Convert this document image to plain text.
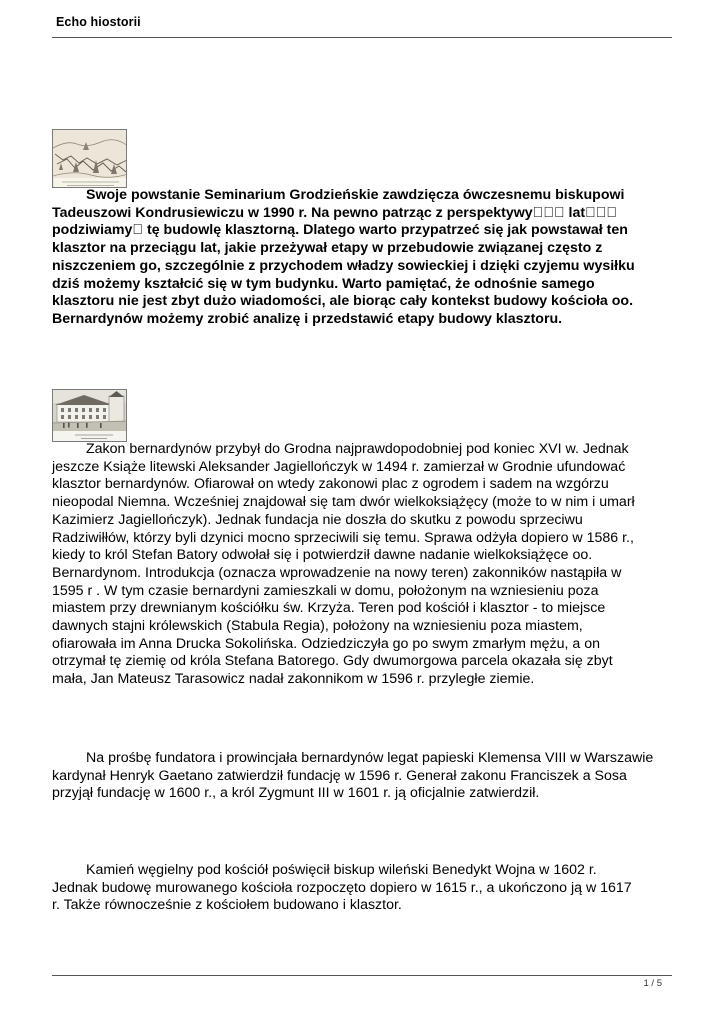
Echo hiostorii
Swoje powstanie Seminarium Grodzieńskie zawdzięcza ówczesnemu biskupowi
Tadeuszowi Kondrusiewiczu w 1990 r. Na pewno patrząc z perspektywy    lat   
podziwiamy  tę budowlę klasztorną. Dlatego warto przypatrzeć się jak powstawał ten
klasztor na przeciągu lat, jakie przeżywał etapy w przebudowie związanej często z
niszczeniem go, szczególnie z przychodem władzy sowieckiej i dzięki czyjemu wysiłku
dziś możemy kształcić się w tym budynku. Warto pamiętać, że odnośnie samego
klasztoru nie jest zbyt dużo wiadomości, ale biorąc cały kontekst budowy kościoła oo.
Bernardynów możemy zrobić analizę i przedstawić etapy budowy klasztoru.
Zakon bernardynów przybył do Grodna najprawdopodobniej pod koniec XVI w. Jednak
jeszcze Książe litewski Aleksander Jagiellończyk w 1494 r. zamierzał w Grodnie ufundować
klasztor bernardynów. Ofiarował on wtedy zakonowi plac z ogrodem i sadem na wzgórzu
nieopodal Niemna. Wcześniej znajdował się tam dwór wielkoksiążęcy (może to w nim i umarł
Kazimierz Jagiellończyk). Jednak fundacja nie doszła do skutku z powodu sprzeciwu
Radziwiłłów, którzy byli dzynici mocno sprzeciwili się temu. Sprawa odżyła dopiero w 1586 r.,
kiedy to król Stefan Batory odwołał się i potwierdził dawne nadanie wielkoksiążęce oo.
Bernardynom. Introdukcja (oznacza wprowadzenie na nowy teren) zakonników nastąpiła w
1595 r . W tym czasie bernardyni zamieszkali w domu, położonym na wzniesieniu poza
miastem przy drewnianym kościółku św. Krzyża. Teren pod kościół i klasztor - to miejsce
dawnych stajni królewskich (Stabula Regia), położony na wzniesieniu poza miastem,
ofiarowała im Anna Drucka Sokolińska. Odziedziczyła go po swym zmarłym mężu, a on
otrzymał tę ziemię od króla Stefana Batorego. Gdy dwumorgowa parcela okazała się zbyt
mała, Jan Mateusz Tarasowicz nadał zakonnikom w 1596 r. przyległe ziemie.
Na prośbę fundatora i prowincjała bernardynów legat papieski Klemensa VIII w Warszawie
kardynał Henryk Gaetano zatwierdził fundację w 1596 r. Generał zakonu Franciszek a Sosa
przyjął fundację w 1600 r., a król Zygmunt III w 1601 r. ją oficjalnie zatwierdził.
Kamień węgielny pod kościół poświęcił biskup wileński Benedykt Wojna w 1602 r.
Jednak budowę murowanego kościoła rozpoczęto dopiero w 1615 r., a ukończono ją w 1617
r. Także równocześnie z kościołem budowano i klasztor.
1 / 5
